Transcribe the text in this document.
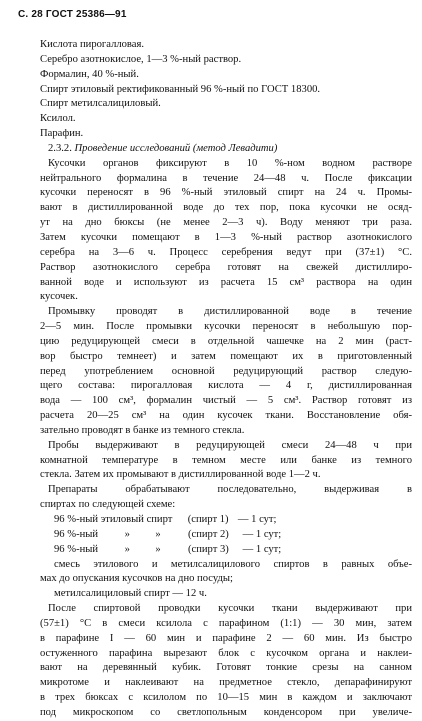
С. 28 ГОСТ 25386—91
Кислота пирогалловая.
Серебро азотнокислое, 1—3 %-ный раствор.
Формалин, 40 %-ный.
Спирт этиловый ректификованный 96 %-ный по ГОСТ 18300.
Спирт метилсалициловый.
Ксилол.
Парафин.
2.3.2. Проведение исследований (метод Левадити)
Кусочки органов фиксируют в 10 %-ном водном растворе
нейтрального формалина в течение 24—48 ч. После фиксации
кусочки переносят в 96 %-ный этиловый спирт на 24 ч. Промы-
вают в дистиллированной воде до тех пор, пока кусочки не осяд-
ут на дно бюксы (не менее 2—3 ч). Воду меняют три раза.
Затем кусочки помещают в 1—3 %-ный раствор азотнокислого
серебра на 3—6 ч. Процесс серебрения ведут при (37±1) °С.
Раствор азотнокислого серебра готовят на свежей дистиллиро-
ванной воде и используют из расчета 15 см³ раствора на один
кусочек.
Промывку проводят в дистиллированной воде в течение
2—5 мин. После промывки кусочки переносят в небольшую пор-
цию редуцирующей смеси в отдельной чашечке на 2 мин (раст-
вор быстро темнеет) и затем помещают их в приготовленный
перед употреблением основной редуцирующий раствор следую-
щего состава: пирогалловая кислота — 4 г, дистиллированная
вода — 100 см³, формалин чистый — 5 см³. Раствор готовят из
расчета 20—25 см³ на один кусочек ткани. Восстановление обя-
зательно проводят в банке из темного стекла.
Пробы выдерживают в редуцирующей смеси 24—48 ч при
комнатной температуре в темном месте или банке из темного
стекла. Затем их промывают в дистиллированной воде 1—2 ч.
Препараты обрабатывают последовательно, выдерживая в
спиртах по следующей схеме:
96 %-ный этиловый спирт (спирт 1) — 1 сут;
96 %-ный	» »	(спирт 2) — 1 сут;
96 %-ный	» »	(спирт 3) — 1 сут;
смесь этилового и метилсалицилового спиртов в равных объе-
мах до опускания кусочков на дно посуды;
метилсалициловый спирт — 12 ч.
После спиртовой проводки кусочки ткани выдерживают при
(57±1) °С в смеси ксилола с парафином (1:1) — 30 мин, затем
в парафине I — 60 мин и парафине 2 — 60 мин. Из быстро
остуженного парафина вырезают блок с кусочком органа и наклеи-
вают на деревянный кубик. Готовят тонкие срезы на санном
микротоме и наклеивают на предметное стекло, депарафинируют
в трех бюксах с ксилолом по 10—15 мин в каждом и заключают
под микроскопом со светлопольным конденсором при увеличе-
